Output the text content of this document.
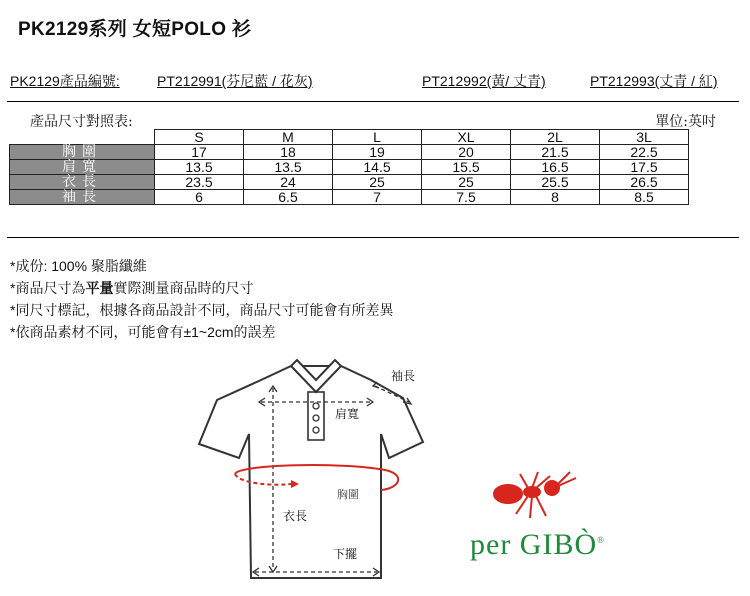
PK2129系列 女短POLO 衫
PK2129產品編號:	PT212991(芬尼藍 / 花灰)	PT212992(黃/ 丈青)	PT212993(丈青 / 紅)
產品尺寸對照表:	單位:英吋
	S	M	L	XL	2L	3L
胸圍	17	18	19	20	21.5	22.5
肩寬	13.5	13.5	14.5	15.5	16.5	17.5
衣長	23.5	24	25	25	25.5	26.5
袖長	6	6.5	7	7.5	8	8.5
*成份: 100% 聚脂纖維
*商品尺寸為平量實際測量商品時的尺寸
*同尺寸標記，根據各商品設計不同，商品尺寸可能會有所差異
*依商品素材不同，可能會有±1~2cm的誤差
袖長
肩寬
胸圍
衣長
下擺	per GIBÒ®
